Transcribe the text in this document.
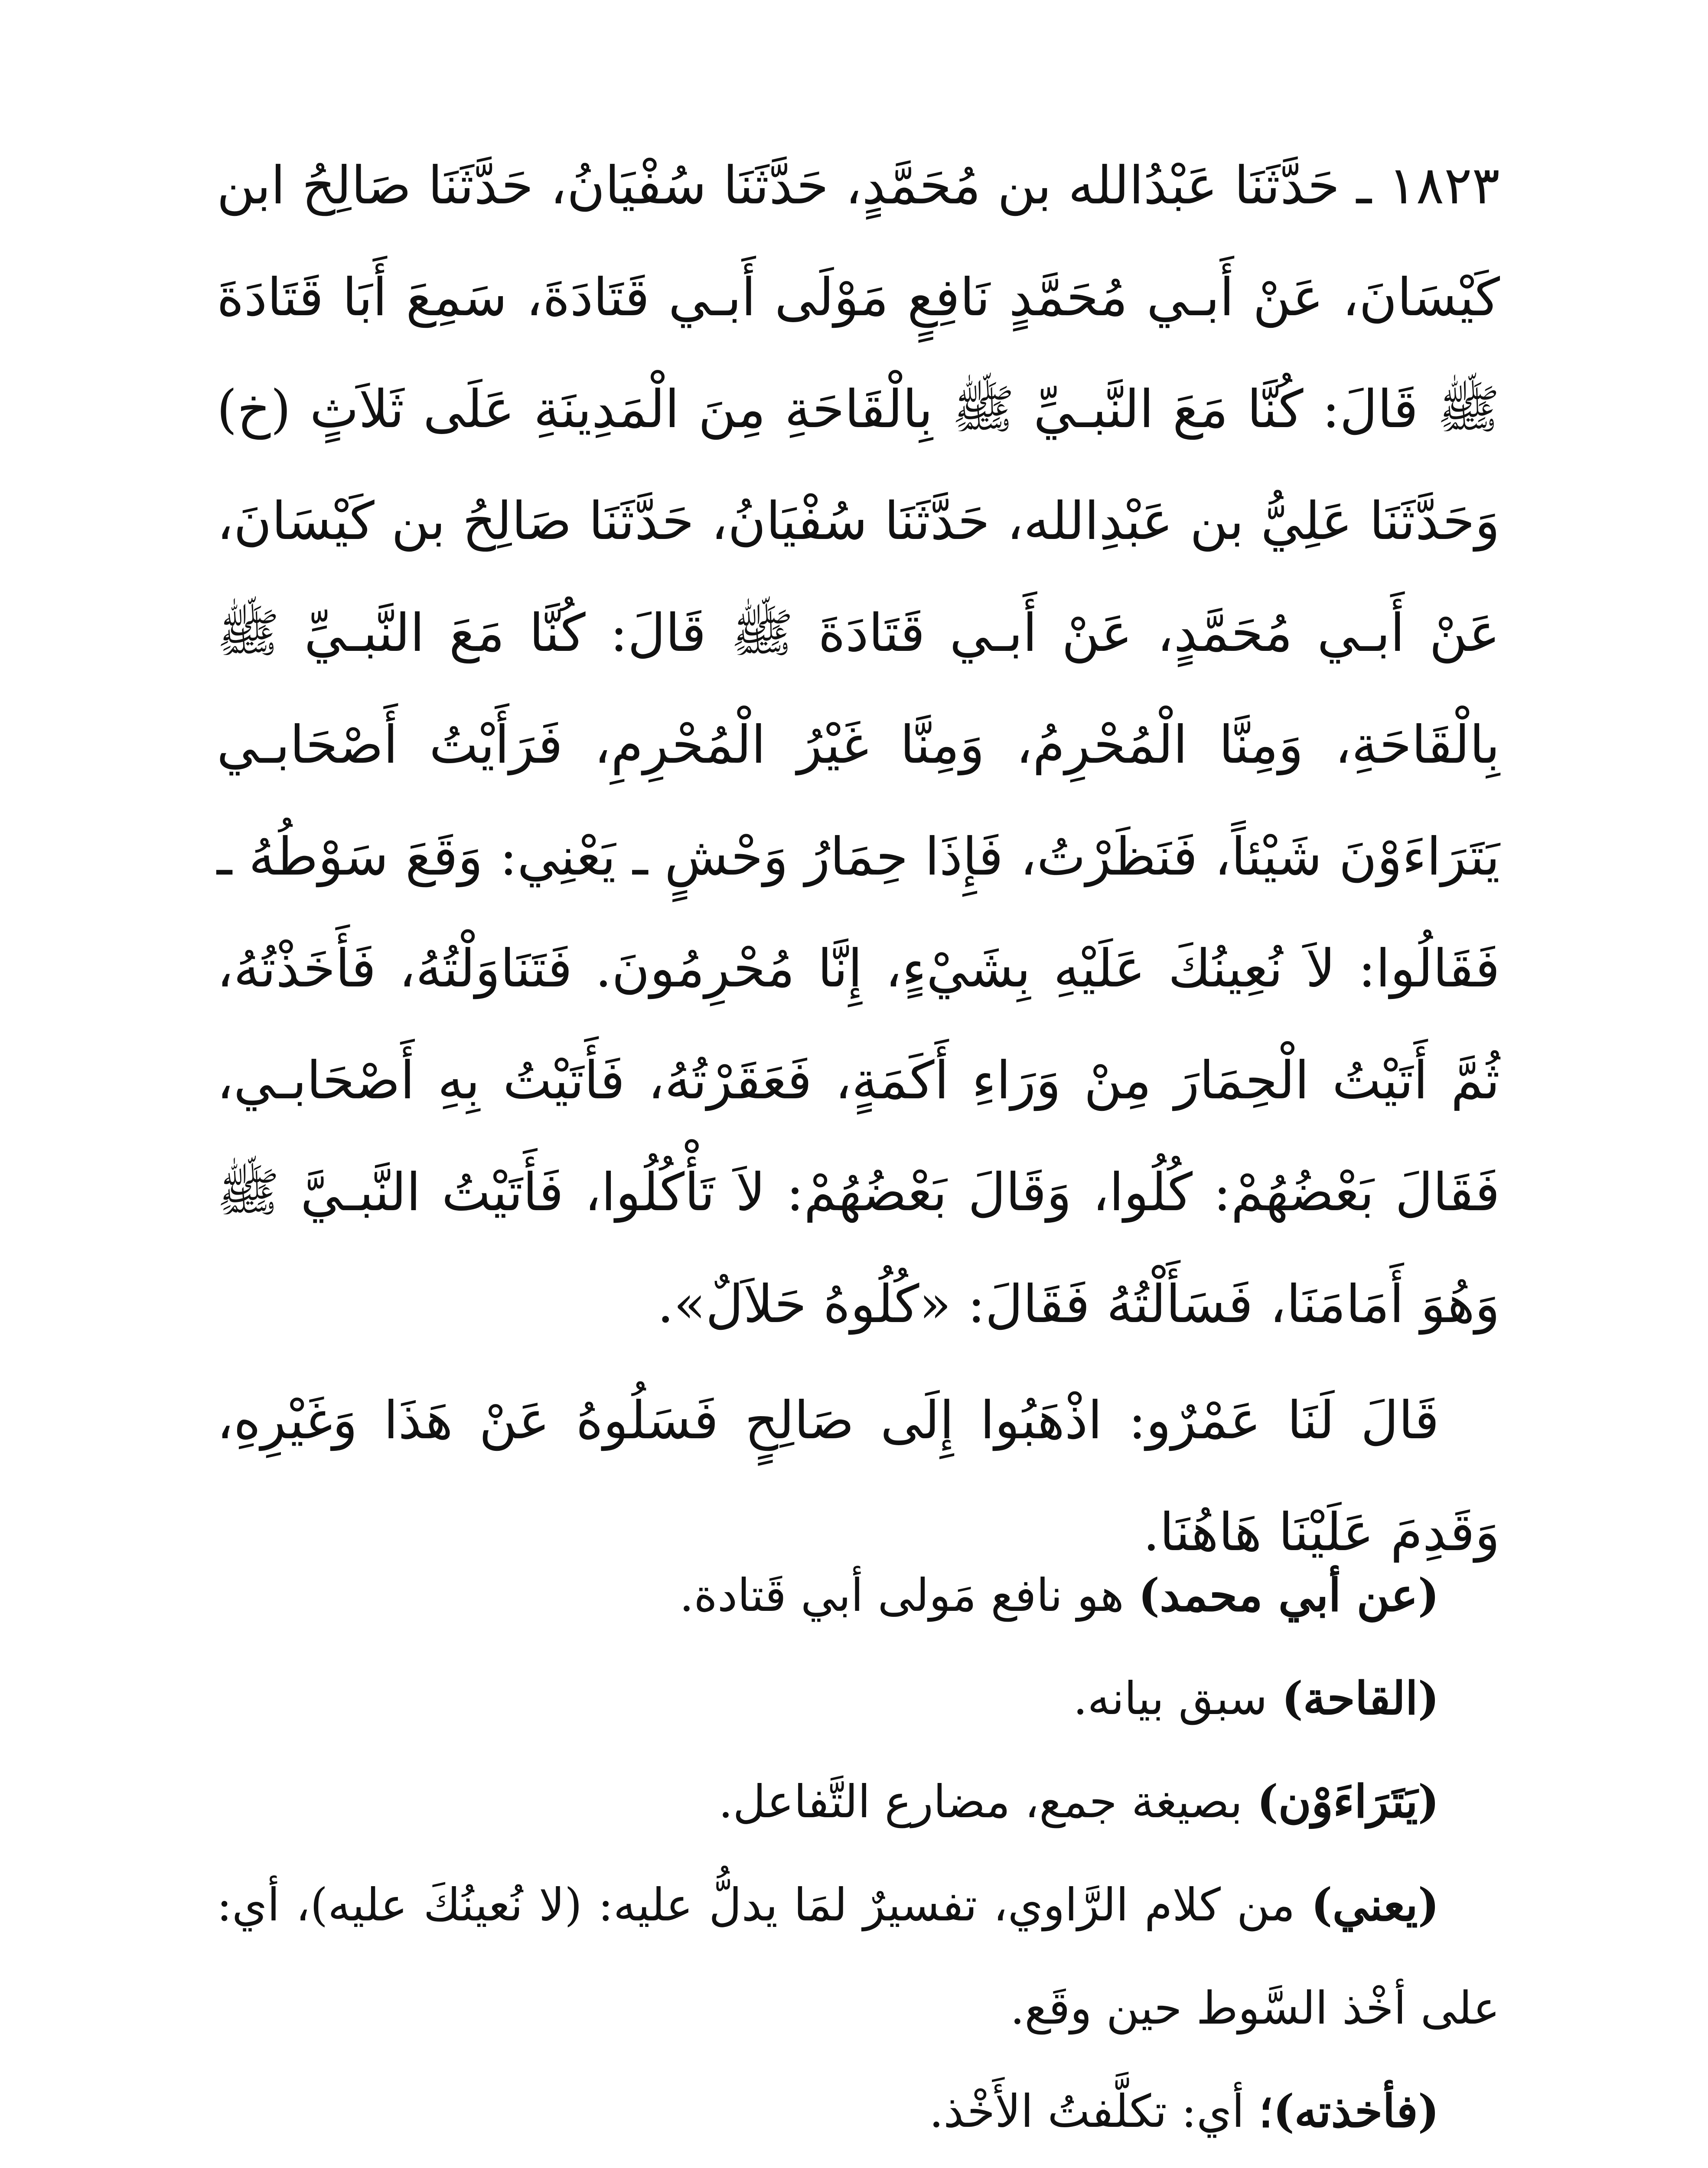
١٨٢٣ ـ حَدَّثَنَا عَبْدُالله بن مُحَمَّدٍ، حَدَّثَنَا سُفْيَانُ، حَدَّثَنَا صَالِحُ ابن كَيْسَانَ، عَنْ أَبـي مُحَمَّدٍ نَافِعٍ مَوْلَى أَبـي قَتَادَةَ، سَمِعَ أَبَا قَتَادَةَ ﷺ قَالَ: كُنَّا مَعَ النَّبـيِّ ﷺ بِالْقَاحَةِ مِنَ الْمَدِينَةِ عَلَى ثَلاَثٍ (خ) وَحَدَّثَنَا عَلِيُّ بن عَبْدِالله، حَدَّثَنَا سُفْيَانُ، حَدَّثَنَا صَالِحُ بن كَيْسَانَ، عَنْ أَبـي مُحَمَّدٍ، عَنْ أَبـي قَتَادَةَ ﷺ قَالَ: كُنَّا مَعَ النَّبـيِّ ﷺ بِالْقَاحَةِ، وَمِنَّا الْمُحْرِمُ، وَمِنَّا غَيْرُ الْمُحْرِمِ، فَرَأَيْتُ أَصْحَابـي يَتَرَاءَوْنَ شَيْئاً، فَنَظَرْتُ، فَإِذَا حِمَارُ وَحْشٍ ـ يَعْنِي: وَقَعَ سَوْطُهُ ـ فَقَالُوا: لاَ نُعِينُكَ عَلَيْهِ بِشَيْءٍ، إِنَّا مُحْرِمُونَ. فَتَنَاوَلْتُهُ، فَأَخَذْتُهُ، ثُمَّ أَتَيْتُ الْحِمَارَ مِنْ وَرَاءِ أَكَمَةٍ، فَعَقَرْتُهُ، فَأَتَيْتُ بِهِ أَصْحَابـي، فَقَالَ بَعْضُهُمْ: كُلُوا، وَقَالَ بَعْضُهُمْ: لاَ تَأْكُلُوا، فَأَتَيْتُ النَّبـيَّ ﷺ وَهُوَ أَمَامَنَا، فَسَأَلْتُهُ فَقَالَ: «كُلُوهُ حَلاَلٌ».

قَالَ لَنَا عَمْرٌو: اذْهَبُوا إِلَى صَالِحٍ فَسَلُوهُ عَنْ هَذَا وَغَيْرِهِ، وَقَدِمَ عَلَيْنَا هَاهُنَا.

(عن أبي محمد) هو نافع مَولى أبي قَتادة.

(القاحة) سبق بيانه.

(يَتَرَاءَوْن) بصيغة جمع، مضارع التَّفاعل.

(يعني) من كلام الرَّاوي، تفسيرٌ لمَا يدلُّ عليه: (لا نُعينُكَ عليه)، أي: على أخْذ السَّوط حين وقَع.

(فأخذته)؛ أي: تكلَّفتُ الأَخْذ.
